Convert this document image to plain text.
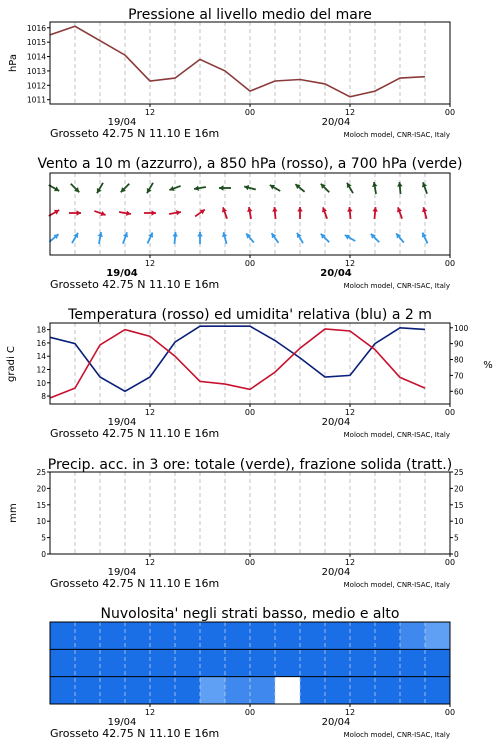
Pressione al livello medio del mare
1011
1012
1013
1014
1015
1016
hPa
12	00	12	00
19/04	20/04
Grosseto 42.75 N 11.10 E 16m	Moloch model, CNR-ISAC, Italy
Vento a 10 m (azzurro), a 850 hPa (rosso), a 700 hPa (verde)
12	00	12	00
19/04	20/04
Grosseto 42.75 N 11.10 E 16m	Moloch model, CNR-ISAC, Italy
Temperatura (rosso) ed umidita' relativa (blu) a 2 m
8
10
12
14
16
18
60
70
80
90
100
gradi C	%
12	00	12	00
19/04	20/04
Grosseto 42.75 N 11.10 E 16m	Moloch model, CNR-ISAC, Italy
Precip. acc. in 3 ore: totale (verde), frazione solida (tratt.)
0
5
10
15
20
25
0
5
10
15
20
25
mm
12	00	12	00
19/04	20/04
Grosseto 42.75 N 11.10 E 16m	Moloch model, CNR-ISAC, Italy
Nuvolosita' negli strati basso, medio e alto
12	00	12	00
19/04	20/04
Grosseto 42.75 N 11.10 E 16m	Moloch model, CNR-ISAC, Italy
